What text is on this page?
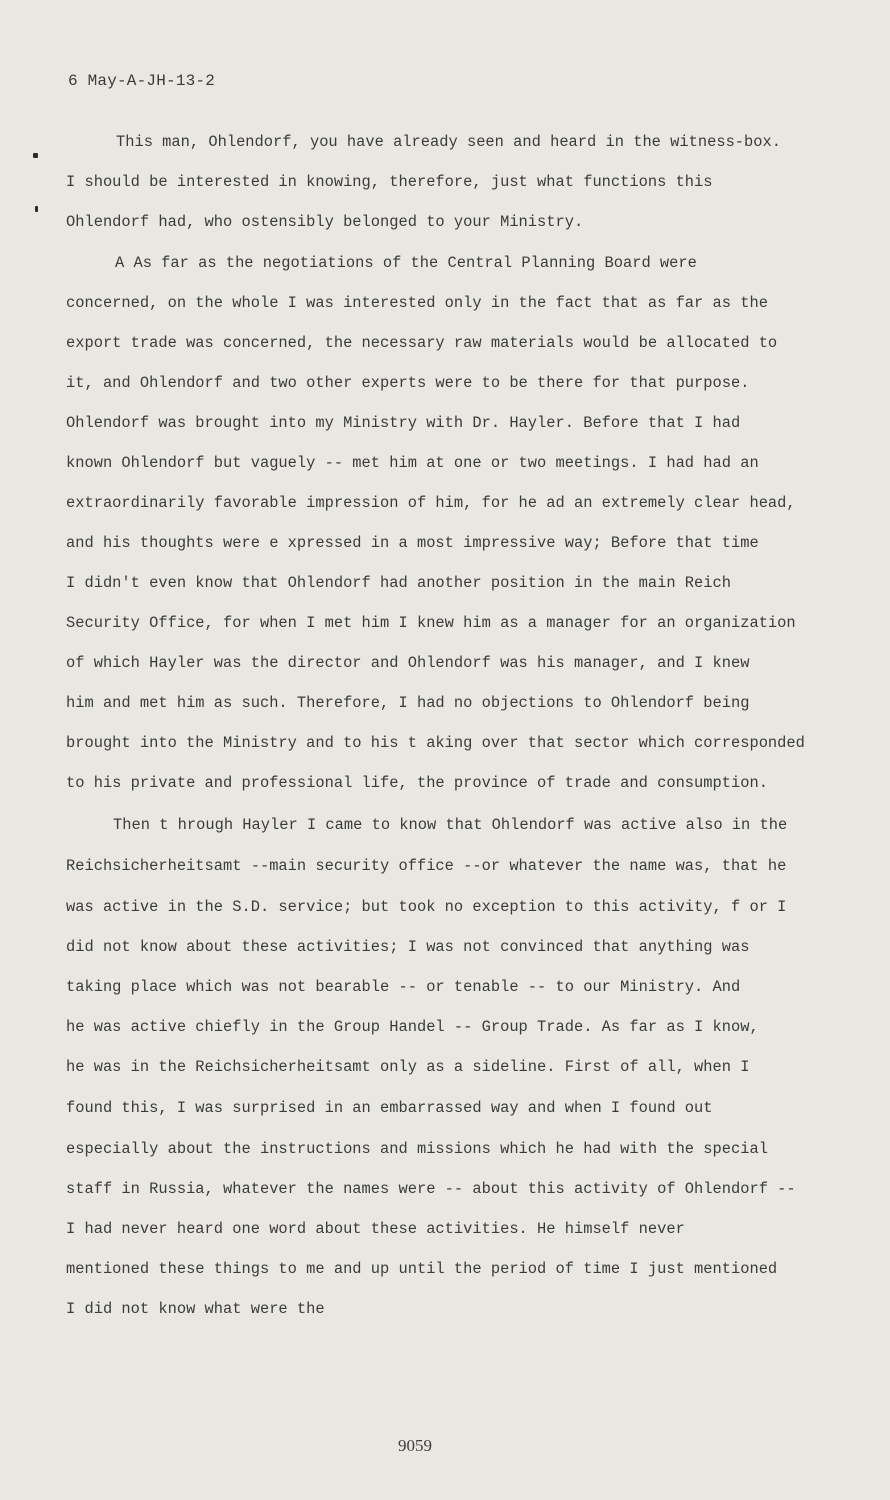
6 May-A-JH-13-2
This man, Ohlendorf, you have already seen and heard in the witness-box.
I should be interested in knowing, therefore, just what functions this
Ohlendorf had, who ostensibly belonged to your Ministry.
A As far as the negotiations of the Central Planning Board were
concerned, on the whole I was interested only in the fact that as far as the
export trade was concerned, the necessary raw materials would be allocated to
it, and Ohlendorf and two other experts were to be there for that purpose.
Ohlendorf was brought into my Ministry with Dr. Hayler. Before that I had
known Ohlendorf but vaguely -- met him at one or two meetings. I had had an
extraordinarily favorable impression of him, for he ad an extremely clear head,
and his thoughts were e xpressed in a most impressive way; Before that time
I didn't even know that Ohlendorf had another position in the main Reich
Security Office, for when I met him I knew him as a manager for an organization
of which Hayler was the director and Ohlendorf was his manager, and I knew
him and met him as such. Therefore, I had no objections to Ohlendorf being
brought into the Ministry and to his t aking over that sector which corresponded
to his private and professional life, the province of trade and consumption.
Then t hrough Hayler I came to know that Ohlendorf was active also in the
Reichsicherheitsamt --main security office --or whatever the name was, that he
was active in the S.D. service; but took no exception to this activity, f or I
did not know about these activities; I was not convinced that anything was
taking place which was not bearable -- or tenable -- to our Ministry. And
he was active chiefly in the Group Handel -- Group Trade. As far as I know,
he was in the Reichsicherheitsamt only as a sideline. First of all, when I
found this, I was surprised in an embarrassed way and when I found out
especially about the instructions and missions which he had with the special
staff in Russia, whatever the names were -- about this activity of Ohlendorf --
I had never heard one word about these activities. He himself never
mentioned these things to me and up until the period of time I just mentioned
I did not know what were the
9059
